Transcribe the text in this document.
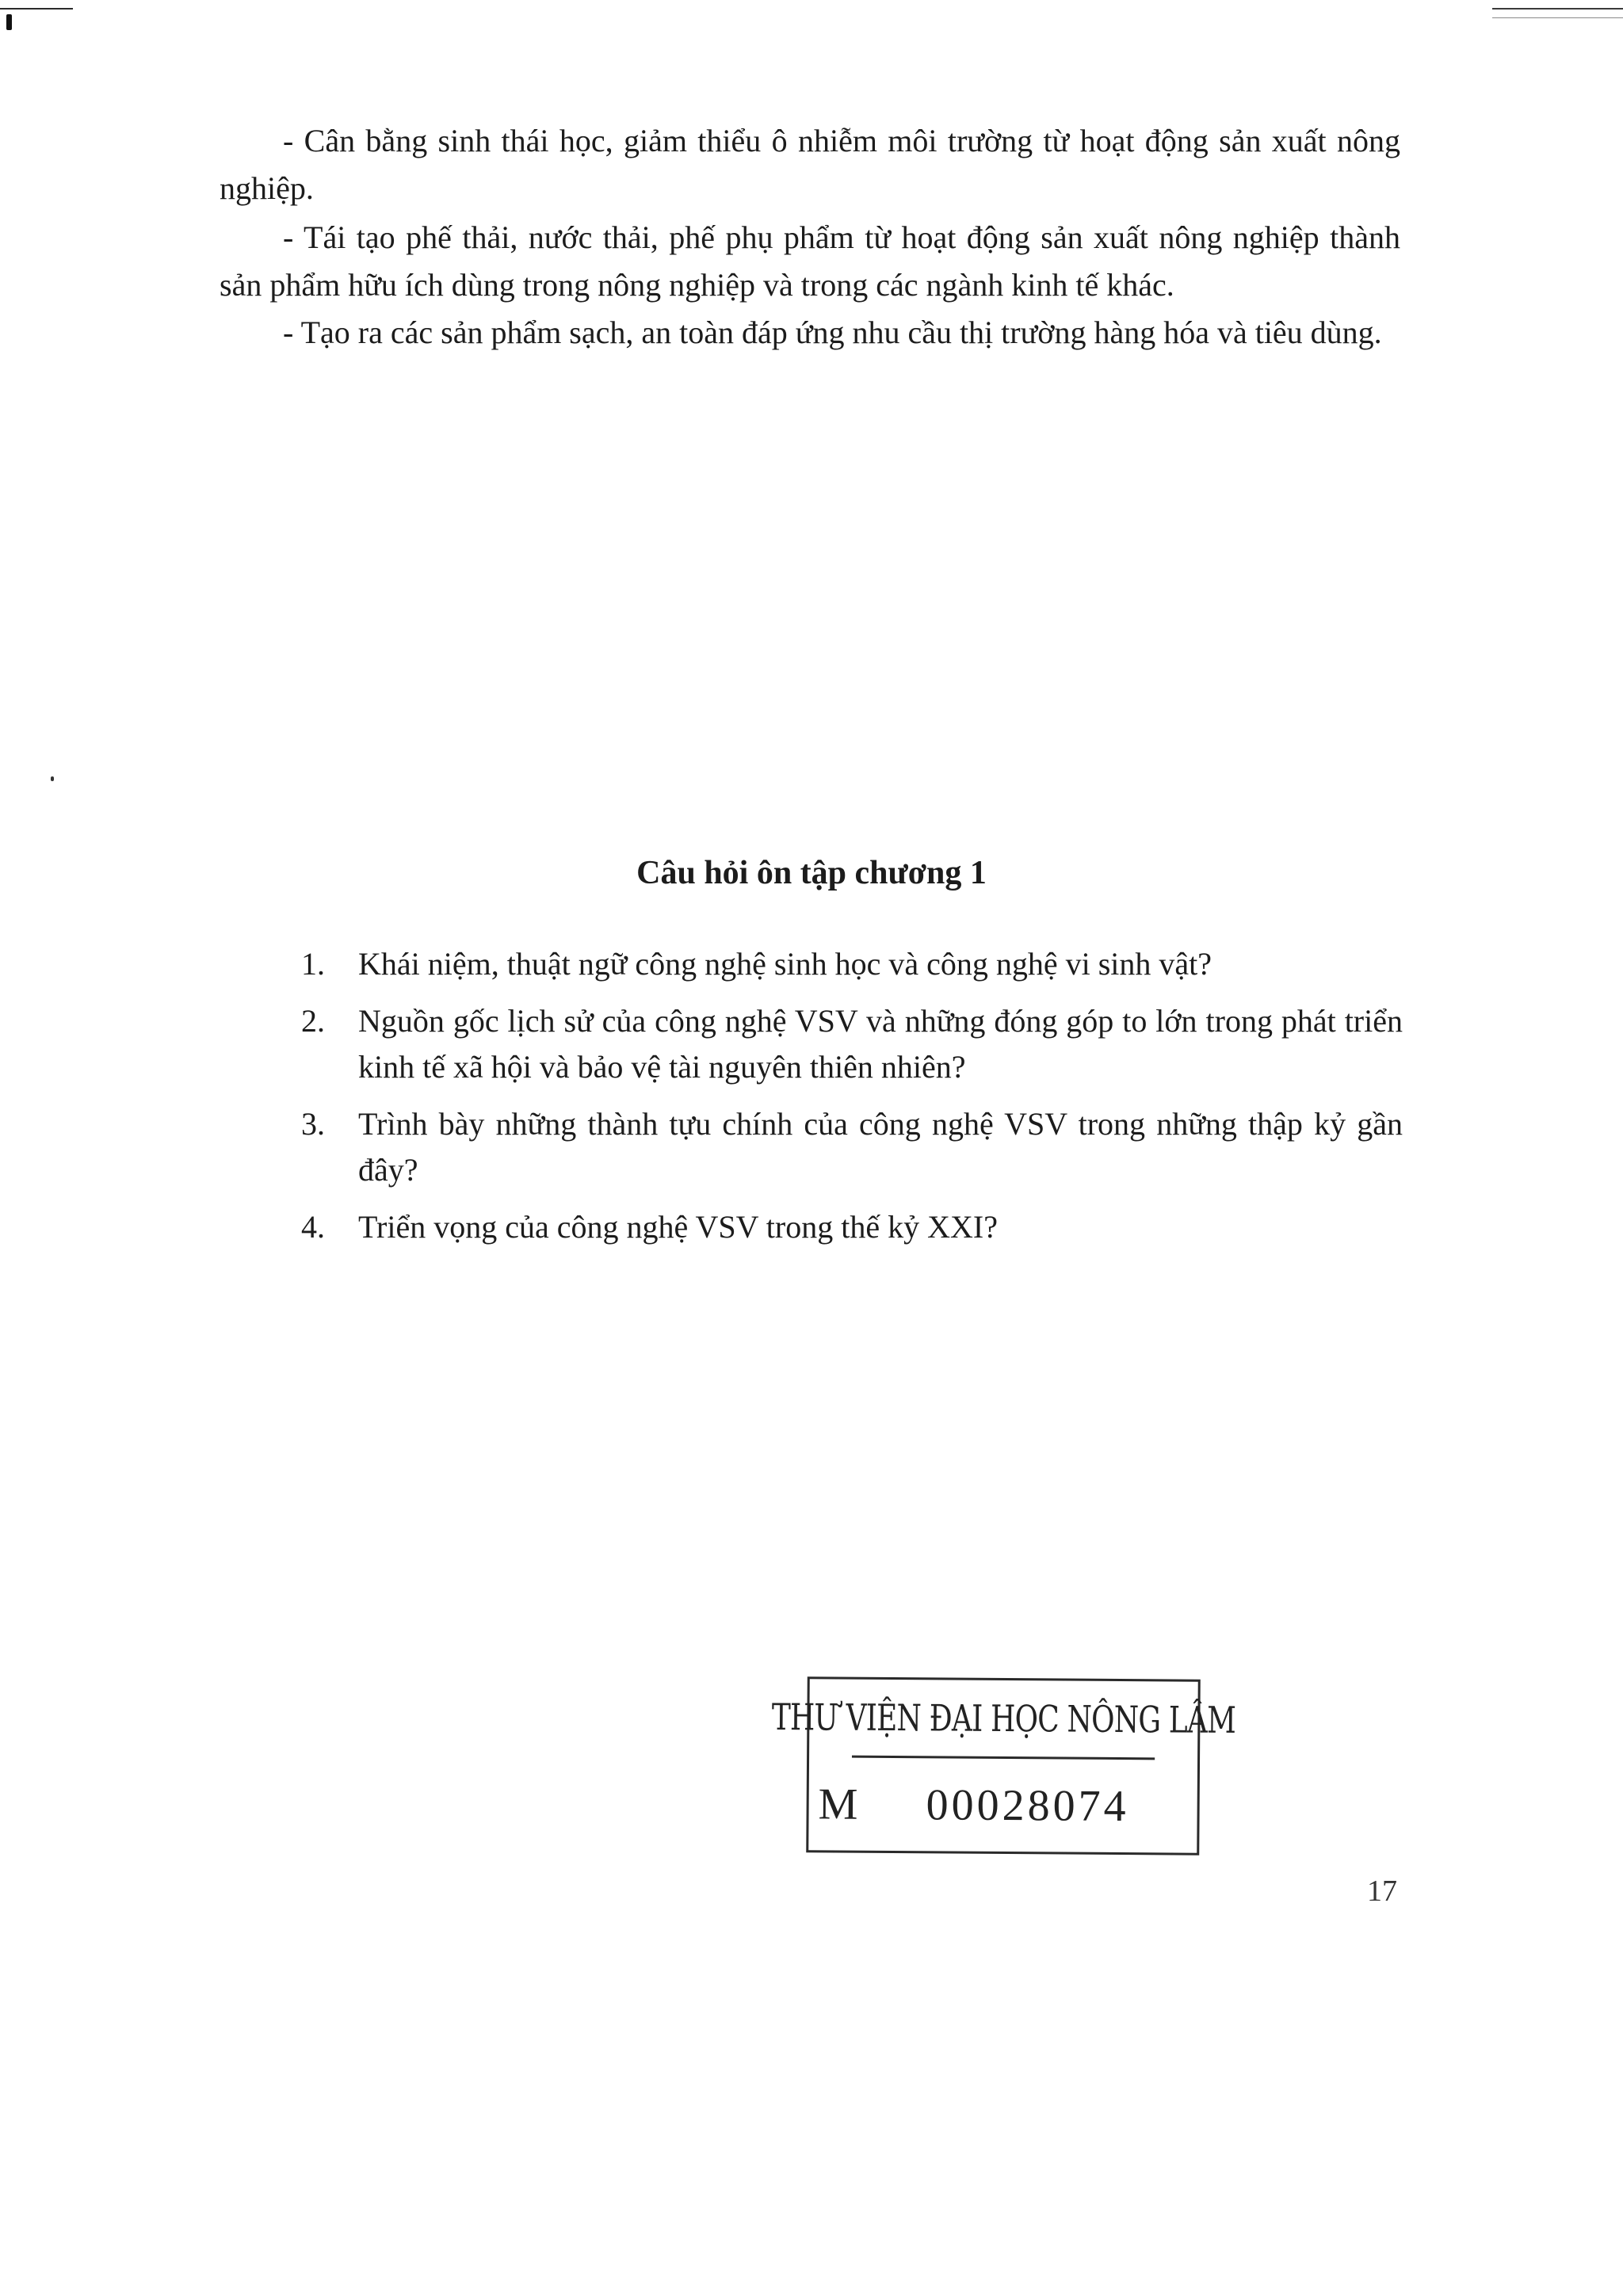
- Cân bằng sinh thái học, giảm thiểu ô nhiễm môi trường từ hoạt động sản xuất nông nghiệp.

- Tái tạo phế thải, nước thải, phế phụ phẩm từ hoạt động sản xuất nông nghiệp thành sản phẩm hữu ích dùng trong nông nghiệp và trong các ngành kinh tế khác.

- Tạo ra các sản phẩm sạch, an toàn đáp ứng nhu cầu thị trường hàng hóa và tiêu dùng.

Câu hỏi ôn tập chương 1
1. Khái niệm, thuật ngữ công nghệ sinh học và công nghệ vi sinh vật?
2. Nguồn gốc lịch sử của công nghệ VSV và những đóng góp to lớn trong phát triển kinh tế xã hội và bảo vệ tài nguyên thiên nhiên?
3. Trình bày những thành tựu chính của công nghệ VSV trong những thập kỷ gần đây?
4. Triển vọng của công nghệ VSV trong thế kỷ XXI?
THƯ VIỆN ĐẠI HỌC NÔNG LÂM
M	00028074
17
